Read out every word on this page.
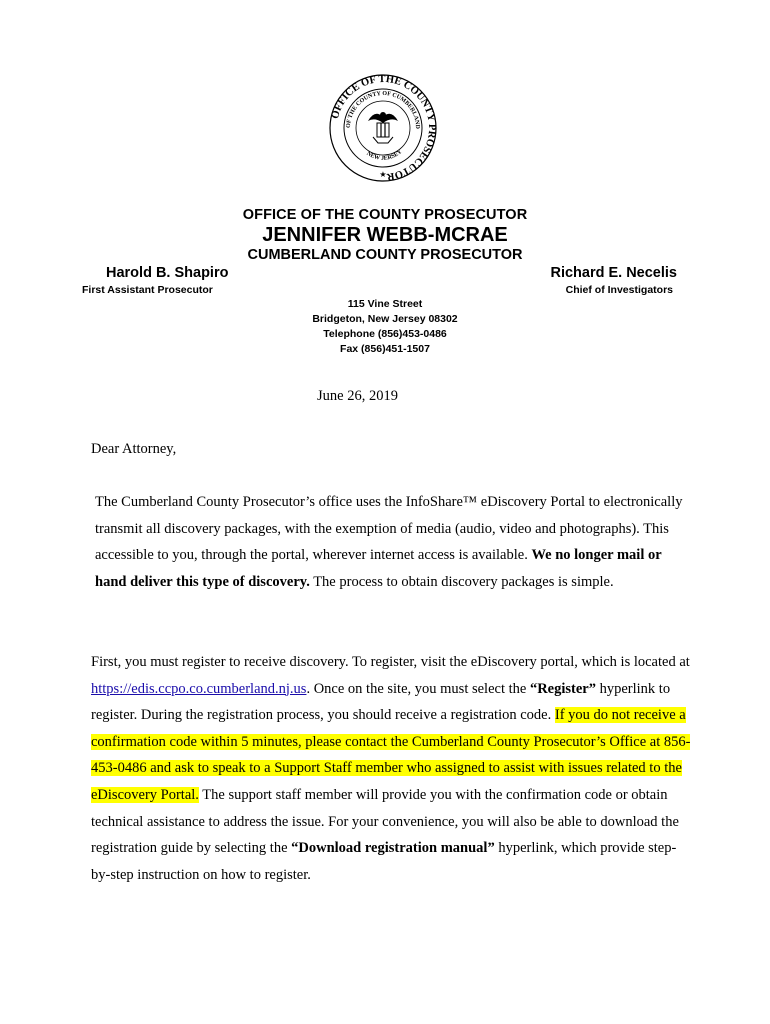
OFFICE OF THE COUNTY PROSECUTOR
OF THE COUNTY OF CUMBERLAND
NEW JERSEY
★
OFFICE OF THE COUNTY PROSECUTOR
JENNIFER WEBB-MCRAE
CUMBERLAND COUNTY PROSECUTOR
Harold B. Shapiro
First Assistant Prosecutor
Richard E. Necelis
Chief of Investigators
115 Vine Street
Bridgeton, New Jersey 08302
Telephone (856)453-0486
Fax (856)451-1507
June 26, 2019
Dear Attorney,
The Cumberland County Prosecutor’s office uses the InfoShare™ eDiscovery Portal to electronically transmit all discovery packages, with the exemption of media (audio, video and photographs). This accessible to you, through the portal, wherever internet access is available. We no longer mail or hand deliver this type of discovery. The process to obtain discovery packages is simple.
First, you must register to receive discovery. To register, visit the eDiscovery portal, which is located at https://edis.ccpo.co.cumberland.nj.us. Once on the site, you must select the “Register” hyperlink to register. During the registration process, you should receive a registration code. If you do not receive a confirmation code within 5 minutes, please contact the Cumberland County Prosecutor’s Office at 856-453-0486 and ask to speak to a Support Staff member who assigned to assist with issues related to the eDiscovery Portal. The support staff member will provide you with the confirmation code or obtain technical assistance to address the issue. For your convenience, you will also be able to download the registration guide by selecting the “Download registration manual” hyperlink, which provide step-by-step instruction on how to register.
